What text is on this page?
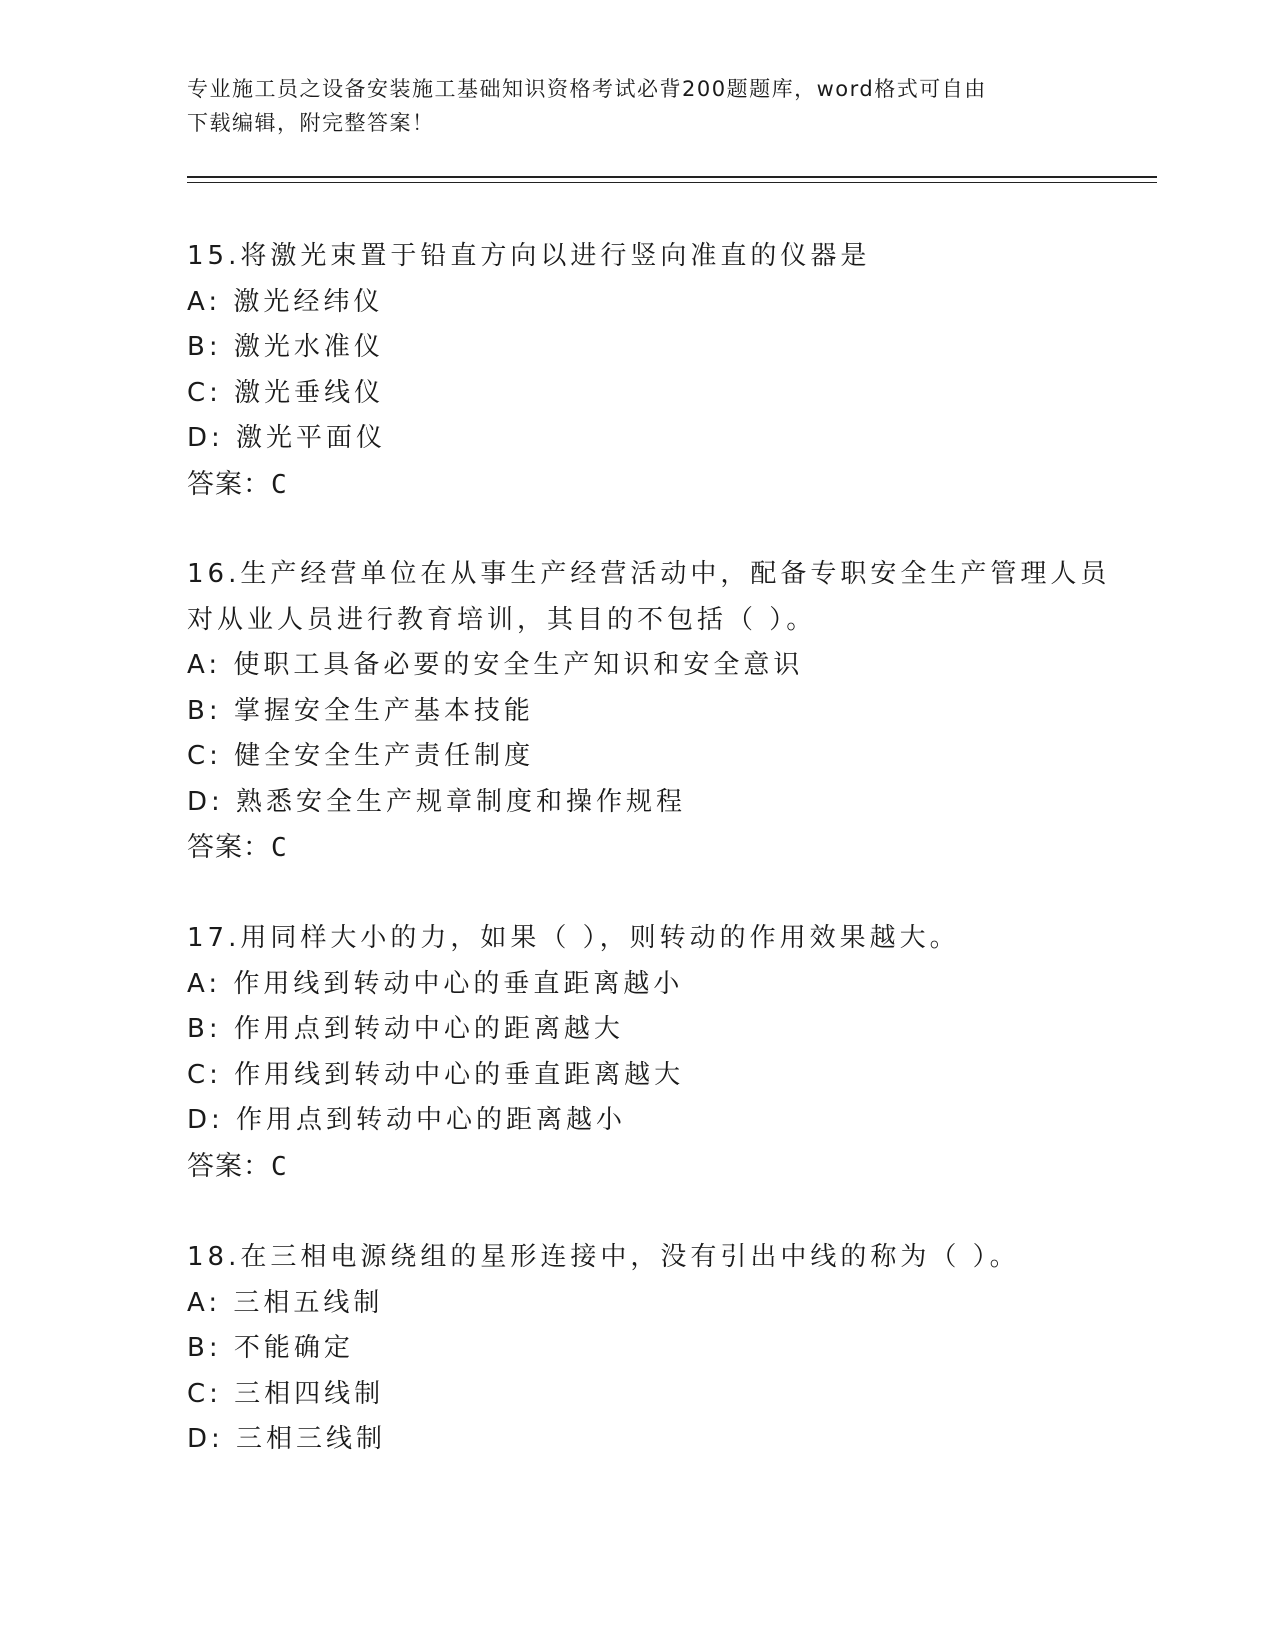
专业施工员之设备安装施工基础知识资格考试必背200题题库，word格式可自由

下载编辑，附完整答案！

15.将激光束置于铅直方向以进行竖向准直的仪器是

A: 激光经纬仪

B: 激光水准仪

C: 激光垂线仪

D: 激光平面仪

答案：C

16.生产经营单位在从事生产经营活动中，配备专职安全生产管理人员

对从业人员进行教育培训，其目的不包括（ ）。

A: 使职工具备必要的安全生产知识和安全意识

B: 掌握安全生产基本技能

C: 健全安全生产责任制度

D: 熟悉安全生产规章制度和操作规程

答案：C

17.用同样大小的力，如果（ ），则转动的作用效果越大。

A: 作用线到转动中心的垂直距离越小

B: 作用点到转动中心的距离越大

C: 作用线到转动中心的垂直距离越大

D: 作用点到转动中心的距离越小

答案：C

18.在三相电源绕组的星形连接中，没有引出中线的称为（ ）。

A: 三相五线制

B: 不能确定

C: 三相四线制

D: 三相三线制
